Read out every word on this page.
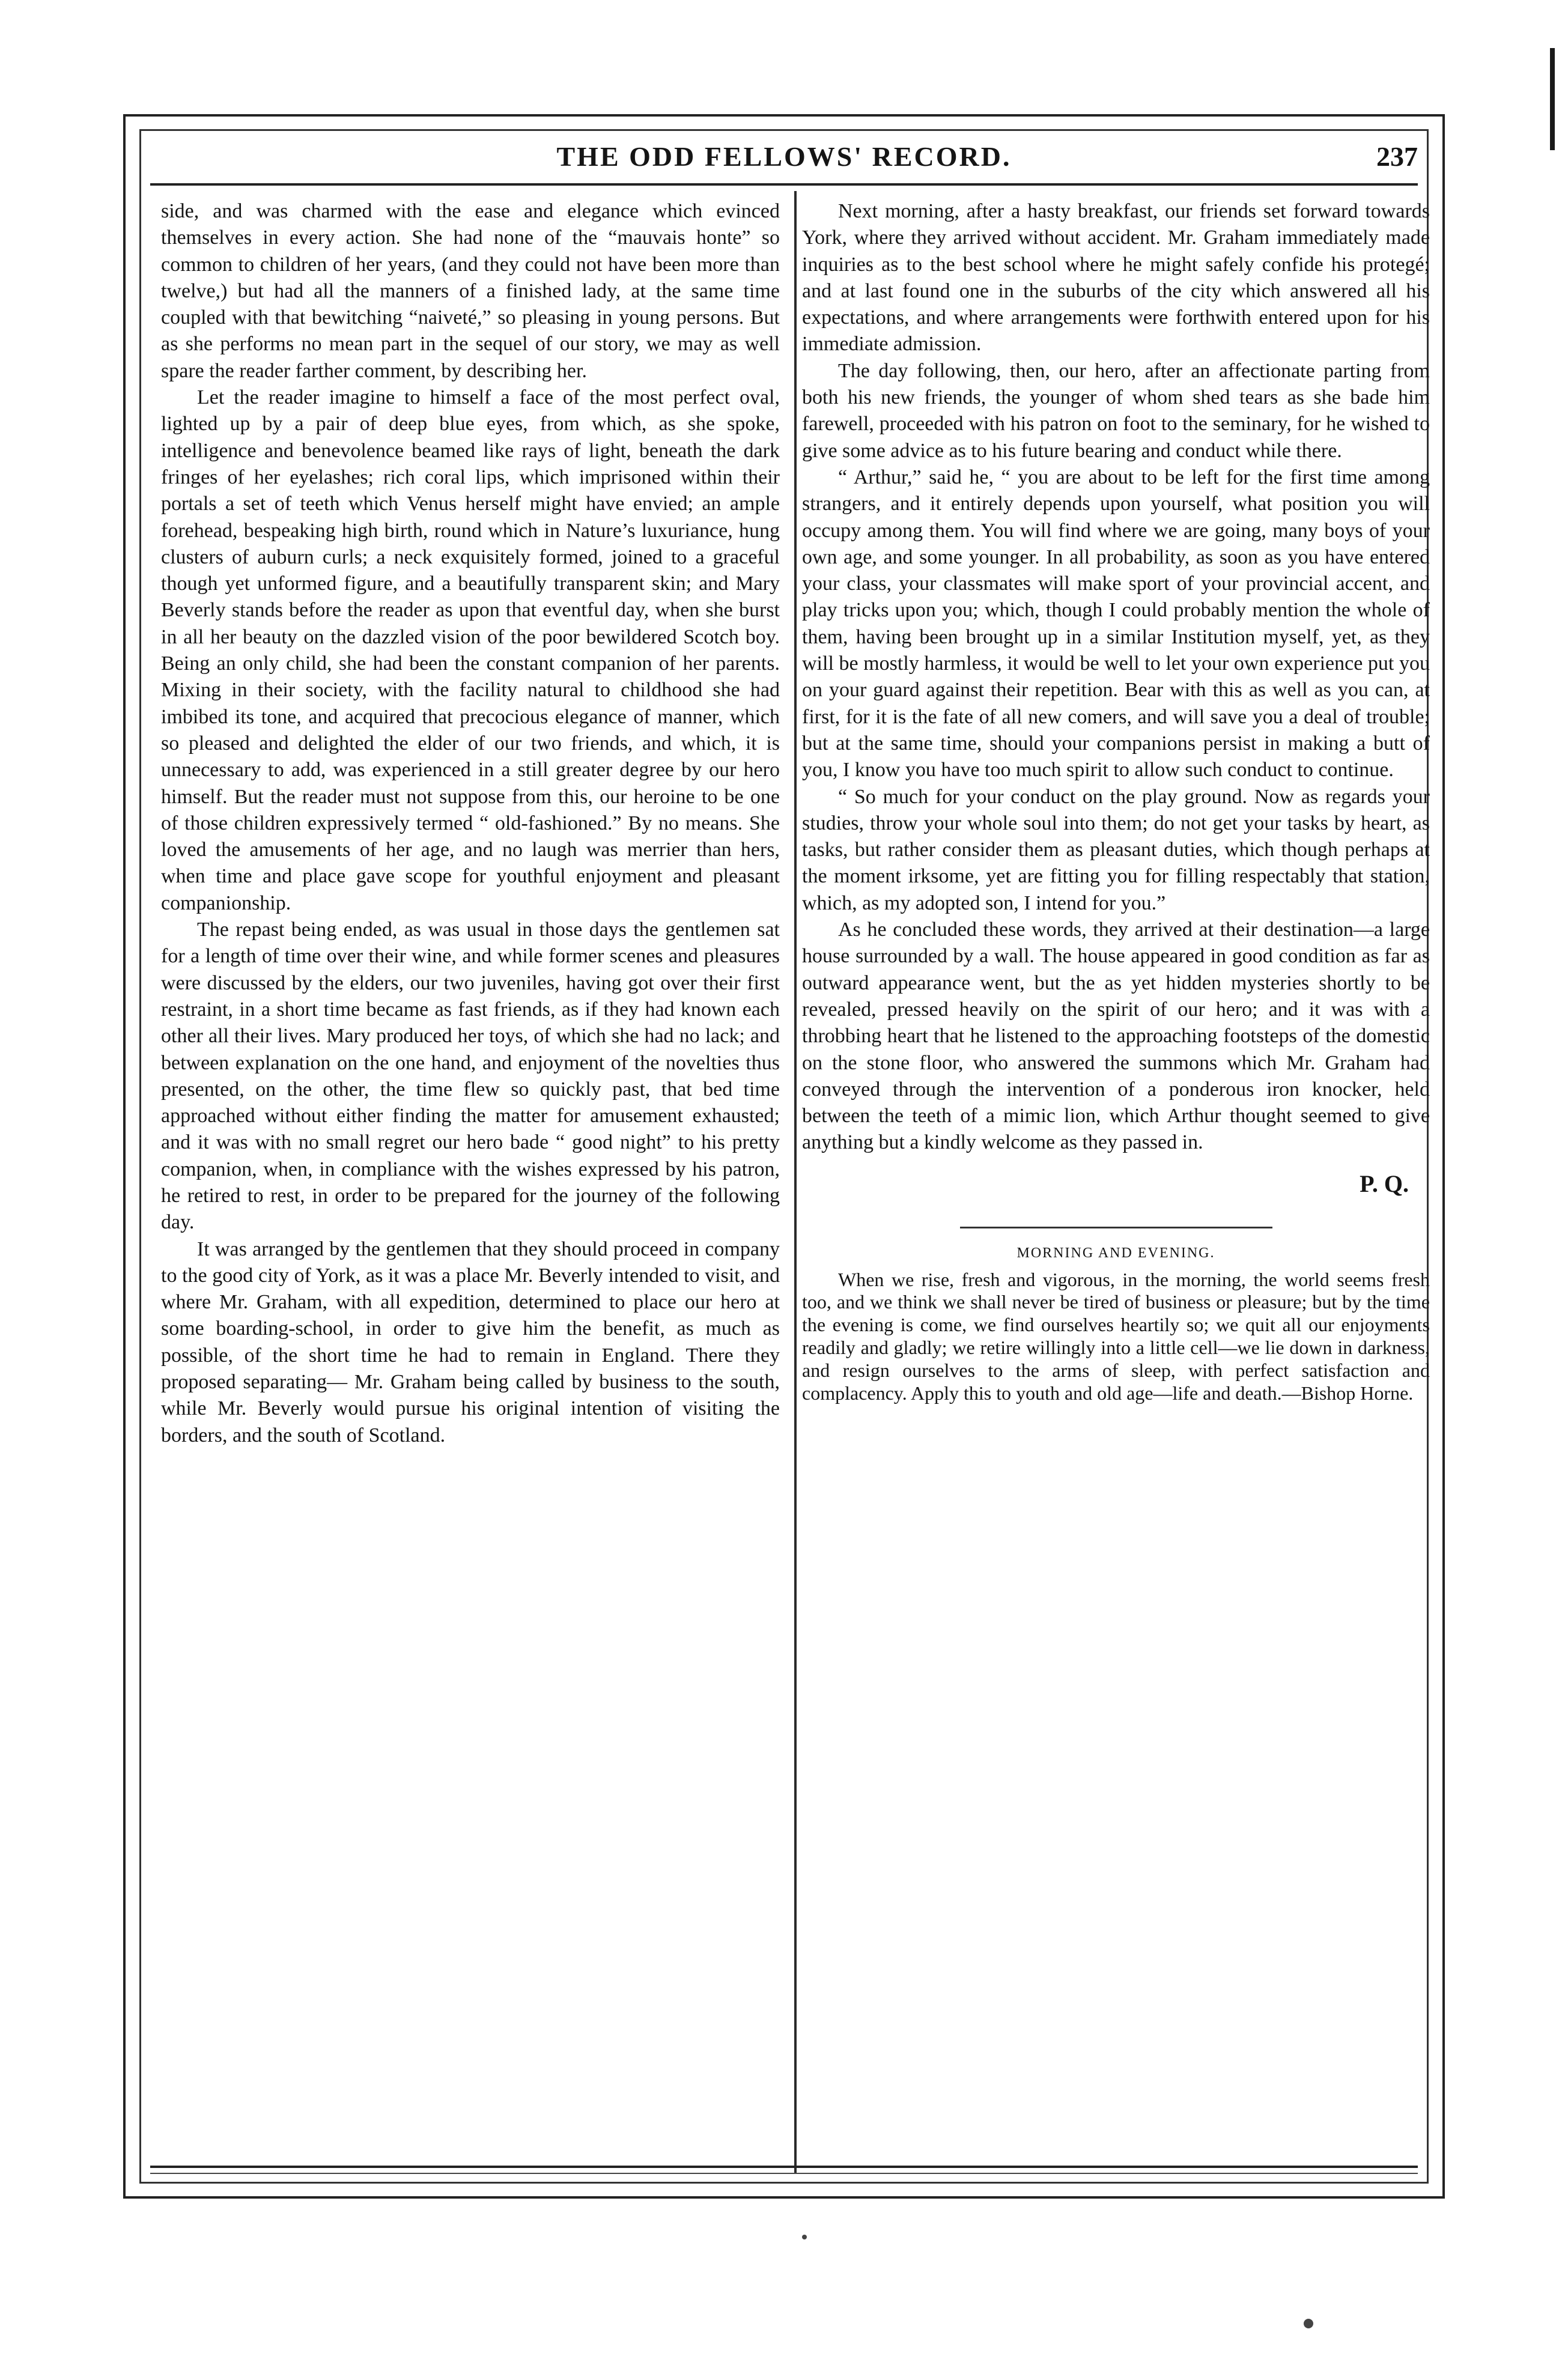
THE ODD FELLOWS' RECORD.	237

side, and was charmed with the ease and elegance which evinced themselves in every action. She had none of the “mauvais honte” so common to children of her years, (and they could not have been more than twelve,) but had all the manners of a finished lady, at the same time coupled with that bewitching “naiveté,” so pleasing in young persons. But as she performs no mean part in the sequel of our story, we may as well spare the reader farther comment, by describing her.

Let the reader imagine to himself a face of the most perfect oval, lighted up by a pair of deep blue eyes, from which, as she spoke, intelligence and benevolence beamed like rays of light, beneath the dark fringes of her eyelashes; rich coral lips, which imprisoned within their portals a set of teeth which Venus herself might have envied; an ample forehead, bespeaking high birth, round which in Nature’s luxuriance, hung clusters of auburn curls; a neck exquisitely formed, joined to a graceful though yet unformed figure, and a beautifully transparent skin; and Mary Beverly stands before the reader as upon that eventful day, when she burst in all her beauty on the dazzled vision of the poor bewildered Scotch boy. Being an only child, she had been the constant companion of her parents. Mixing in their society, with the facility natural to childhood she had imbibed its tone, and acquired that precocious elegance of manner, which so pleased and delighted the elder of our two friends, and which, it is unnecessary to add, was experienced in a still greater degree by our hero himself. But the reader must not suppose from this, our heroine to be one of those children expressively termed “ old-fashioned.” By no means. She loved the amusements of her age, and no laugh was merrier than hers, when time and place gave scope for youthful enjoyment and pleasant companionship.

The repast being ended, as was usual in those days the gentlemen sat for a length of time over their wine, and while former scenes and pleasures were discussed by the elders, our two juveniles, having got over their first restraint, in a short time became as fast friends, as if they had known each other all their lives. Mary produced her toys, of which she had no lack; and between explanation on the one hand, and enjoyment of the novelties thus presented, on the other, the time flew so quickly past, that bed time approached without either finding the matter for amusement exhausted; and it was with no small regret our hero bade “ good night” to his pretty companion, when, in compliance with the wishes expressed by his patron, he retired to rest, in order to be prepared for the journey of the following day.

It was arranged by the gentlemen that they should proceed in company to the good city of York, as it was a place Mr. Beverly intended to visit, and where Mr. Graham, with all expedition, determined to place our hero at some boarding-school, in order to give him the benefit, as much as possible, of the short time he had to remain in England. There they proposed separating— Mr. Graham being called by business to the south, while Mr. Beverly would pursue his original intention of visiting the borders, and the south of Scotland.

Next morning, after a hasty breakfast, our friends set forward towards York, where they arrived without accident. Mr. Graham immediately made inquiries as to the best school where he might safely confide his protegé; and at last found one in the suburbs of the city which answered all his expectations, and where arrangements were forthwith entered upon for his immediate admission.

The day following, then, our hero, after an affectionate parting from both his new friends, the younger of whom shed tears as she bade him farewell, proceeded with his patron on foot to the seminary, for he wished to give some advice as to his future bearing and conduct while there.

“ Arthur,” said he, “ you are about to be left for the first time among strangers, and it entirely depends upon yourself, what position you will occupy among them. You will find where we are going, many boys of your own age, and some younger. In all probability, as soon as you have entered your class, your classmates will make sport of your provincial accent, and play tricks upon you; which, though I could probably mention the whole of them, having been brought up in a similar Institution myself, yet, as they will be mostly harmless, it would be well to let your own experience put you on your guard against their repetition. Bear with this as well as you can, at first, for it is the fate of all new comers, and will save you a deal of trouble; but at the same time, should your companions persist in making a butt of you, I know you have too much spirit to allow such conduct to continue.

“ So much for your conduct on the play ground. Now as regards your studies, throw your whole soul into them; do not get your tasks by heart, as tasks, but rather consider them as pleasant duties, which though perhaps at the moment irksome, yet are fitting you for filling respectably that station, which, as my adopted son, I intend for you.”

As he concluded these words, they arrived at their destination—a large house surrounded by a wall. The house appeared in good condition as far as outward appearance went, but the as yet hidden mysteries shortly to be revealed, pressed heavily on the spirit of our hero; and it was with a throbbing heart that he listened to the approaching footsteps of the domestic on the stone floor, who answered the summons which Mr. Graham had conveyed through the intervention of a ponderous iron knocker, held between the teeth of a mimic lion, which Arthur thought seemed to give anything but a kindly welcome as they passed in.

P. Q.
MORNING AND EVENING.

When we rise, fresh and vigorous, in the morning, the world seems fresh too, and we think we shall never be tired of business or pleasure; but by the time the evening is come, we find ourselves heartily so; we quit all our enjoyments readily and gladly; we retire willingly into a little cell—we lie down in darkness, and resign ourselves to the arms of sleep, with perfect satisfaction and complacency. Apply this to youth and old age—life and death.—Bishop Horne.
